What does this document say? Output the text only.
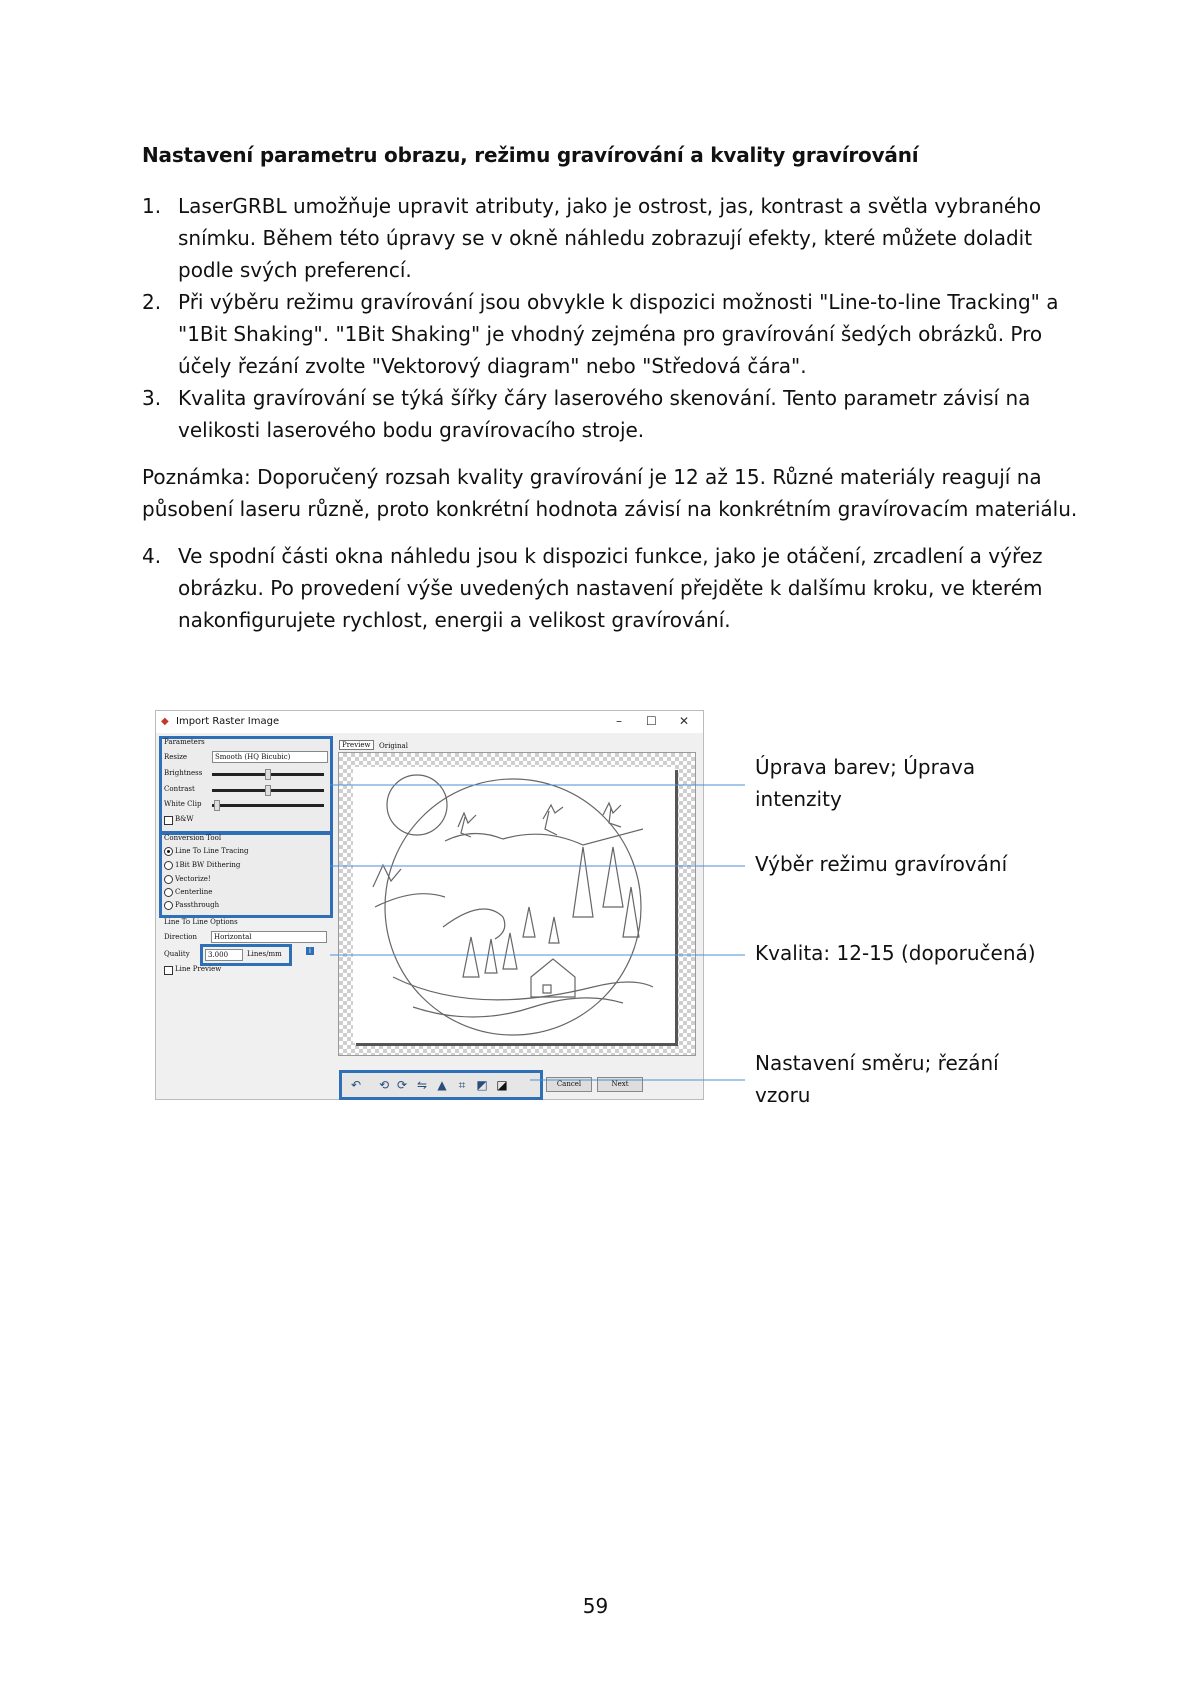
Nastavení parametru obrazu, režimu gravírování a kvality gravírování
1. LaserGRBL umožňuje upravit atributy, jako je ostrost, jas, kontrast a světla vybraného snímku. Během této úpravy se v okně náhledu zobrazují efekty, které můžete doladit podle svých preferencí.
2. Při výběru režimu gravírování jsou obvykle k dispozici možnosti "Line-to-line Tracking" a "1Bit Shaking". "1Bit Shaking" je vhodný zejména pro gravírování šedých obrázků. Pro účely řezání zvolte "Vektorový diagram" nebo "Středová čára".
3. Kvalita gravírování se týká šířky čáry laserového skenování. Tento parametr závisí na velikosti laserového bodu gravírovacího stroje.
Poznámka: Doporučený rozsah kvality gravírování je 12 až 15. Různé materiály reagují na působení laseru různě, proto konkrétní hodnota závisí na konkrétním gravírovacím materiálu.
4. Ve spodní části okna náhledu jsou k dispozici funkce, jako je otáčení, zrcadlení a výřez obrázku. Po provedení výše uvedených nastavení přejděte k dalšímu kroku, ve kterém nakonfigurujete rychlost, energii a velikost gravírování.
◆ Import Raster Image	– ☐ ✕
Parameters
Resize	Smooth (HQ Bicubic)
Brightness
Contrast
White Clip
B&W
Conversion Tool
Line To Line Tracing
1Bit BW Dithering
Vectorize!
Centerline
Passthrough
Line To Line Options
Direction	Horizontal
Quality	3.000	Lines/mm	i
Line Preview
Preview	Original
↶ ⟲ ⟳ ⇋ ▲	⌗ ◩ ◪	Cancel	Next
Úprava barev; Úprava intenzity
Výběr režimu gravírování
Kvalita: 12-15 (doporučená)
Nastavení směru; řezání vzoru
59
